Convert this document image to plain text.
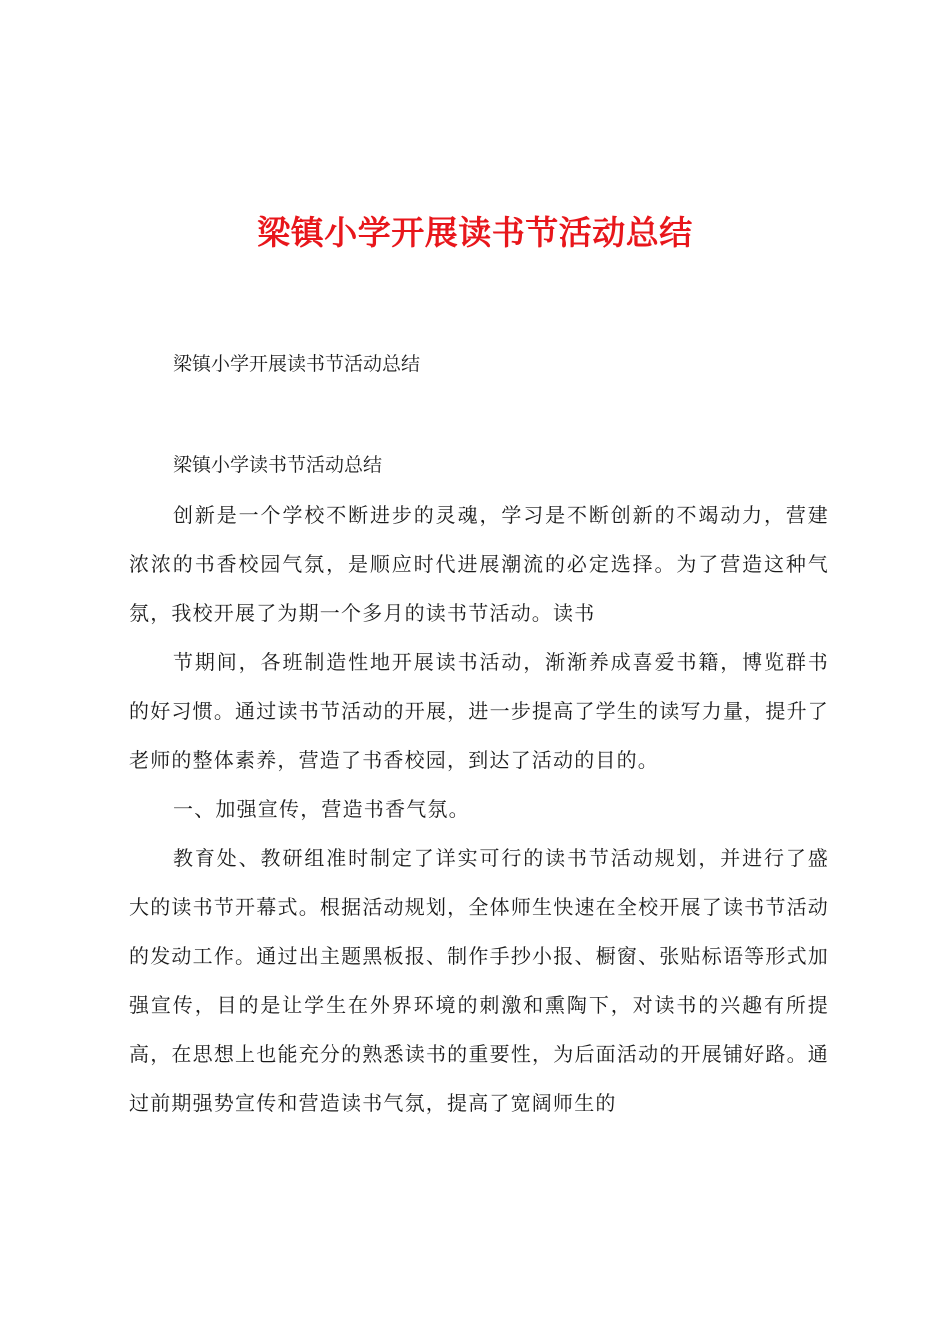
梁镇小学开展读书节活动总结
梁镇小学开展读书节活动总结
梁镇小学读书节活动总结

创新是一个学校不断进步的灵魂，学习是不断创新的不竭动力，营建浓浓的书香校园气氛，是顺应时代进展潮流的必定选择。为了营造这种气氛，我校开展了为期一个多月的读书节活动。读书

节期间，各班制造性地开展读书活动，渐渐养成喜爱书籍，博览群书的好习惯。通过读书节活动的开展，进一步提高了学生的读写力量，提升了老师的整体素养，营造了书香校园，到达了活动的目的。

一、加强宣传，营造书香气氛。

教育处、教研组准时制定了详实可行的读书节活动规划，并进行了盛大的读书节开幕式。根据活动规划，全体师生快速在全校开展了读书节活动的发动工作。通过出主题黑板报、制作手抄小报、橱窗、张贴标语等形式加强宣传，目的是让学生在外界环境的刺激和熏陶下，对读书的兴趣有所提高，在思想上也能充分的熟悉读书的重要性，为后面活动的开展铺好路。通过前期强势宣传和营造读书气氛，提高了宽阔师生的
